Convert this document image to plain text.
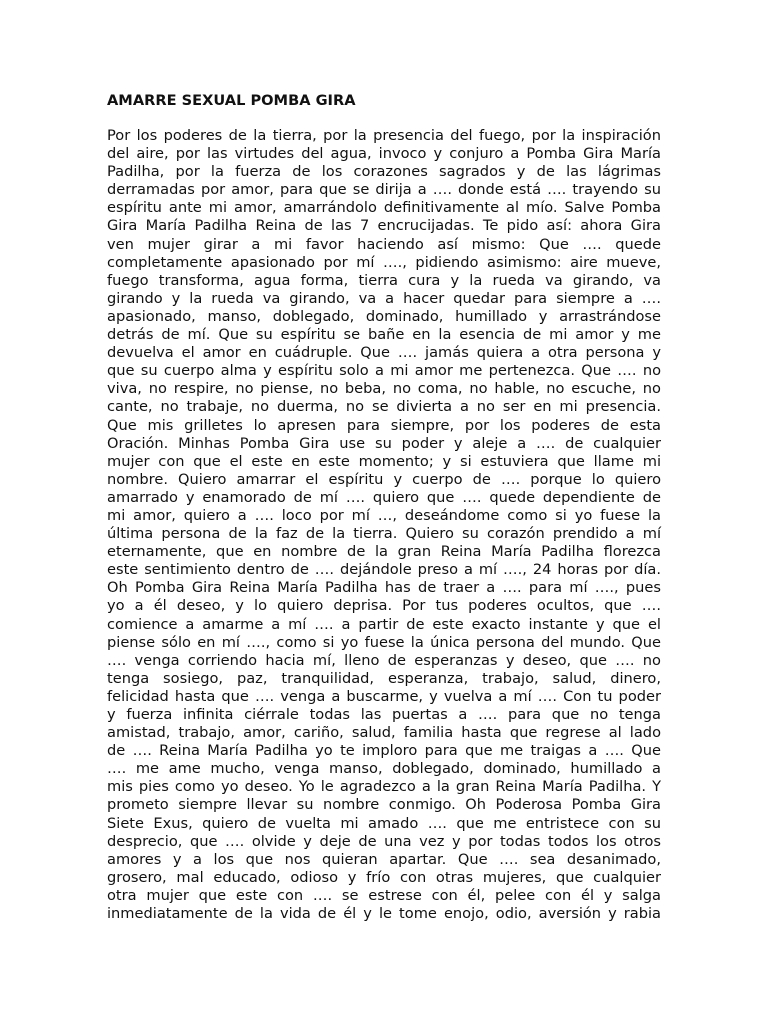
AMARRE SEXUAL POMBA GIRA
Por los poderes de la tierra, por la presencia del fuego, por la inspiración
del aire, por las virtudes del agua, invoco y conjuro a Pomba Gira María
Padilha, por la fuerza de los corazones sagrados y de las lágrimas
derramadas por amor, para que se dirija a …. donde está …. trayendo su
espíritu ante mi amor, amarrándolo definitivamente al mío. Salve Pomba
Gira María Padilha Reina de las 7 encrucijadas. Te pido así: ahora Gira
ven mujer girar a mi favor haciendo así mismo: Que …. quede
completamente apasionado por mí …., pidiendo asimismo: aire mueve,
fuego transforma, agua forma, tierra cura y la rueda va girando, va
girando y la rueda va girando, va a hacer quedar para siempre a ….
apasionado, manso, doblegado, dominado, humillado y arrastrándose
detrás de mí. Que su espíritu se bañe en la esencia de mi amor y me
devuelva el amor en cuádruple. Que …. jamás quiera a otra persona y
que su cuerpo alma y espíritu solo a mi amor me pertenezca. Que …. no
viva, no respire, no piense, no beba, no coma, no hable, no escuche, no
cante, no trabaje, no duerma, no se divierta a no ser en mi presencia.
Que mis grilletes lo apresen para siempre, por los poderes de esta
Oración. Minhas Pomba Gira use su poder y aleje a …. de cualquier
mujer con que el este en este momento; y si estuviera que llame mi
nombre. Quiero amarrar el espíritu y cuerpo de …. porque lo quiero
amarrado y enamorado de mí …. quiero que …. quede dependiente de
mi amor, quiero a …. loco por mí …, deseándome como si yo fuese la
última persona de la faz de la tierra. Quiero su corazón prendido a mí
eternamente, que en nombre de la gran Reina María Padilha florezca
este sentimiento dentro de …. dejándole preso a mí …., 24 horas por día.
Oh Pomba Gira Reina María Padilha has de traer a …. para mí …., pues
yo a él deseo, y lo quiero deprisa. Por tus poderes ocultos, que ….
comience a amarme a mí …. a partir de este exacto instante y que el
piense sólo en mí …., como si yo fuese la única persona del mundo. Que
…. venga corriendo hacia mí, lleno de esperanzas y deseo, que …. no
tenga sosiego, paz, tranquilidad, esperanza, trabajo, salud, dinero,
felicidad hasta que …. venga a buscarme, y vuelva a mí …. Con tu poder
y fuerza infinita ciérrale todas las puertas a …. para que no tenga
amistad, trabajo, amor, cariño, salud, familia hasta que regrese al lado
de …. Reina María Padilha yo te imploro para que me traigas a …. Que
…. me ame mucho, venga manso, doblegado, dominado, humillado a
mis pies como yo deseo. Yo le agradezco a la gran Reina María Padilha. Y
prometo siempre llevar su nombre conmigo. Oh Poderosa Pomba Gira
Siete Exus, quiero de vuelta mi amado …. que me entristece con su
desprecio, que …. olvide y deje de una vez y por todas todos los otros
amores y a los que nos quieran apartar. Que …. sea desanimado,
grosero, mal educado, odioso y frío con otras mujeres, que cualquier
otra mujer que este con …. se estrese con él, pelee con él y salga
inmediatamente de la vida de él y le tome enojo, odio, aversión y rabia
